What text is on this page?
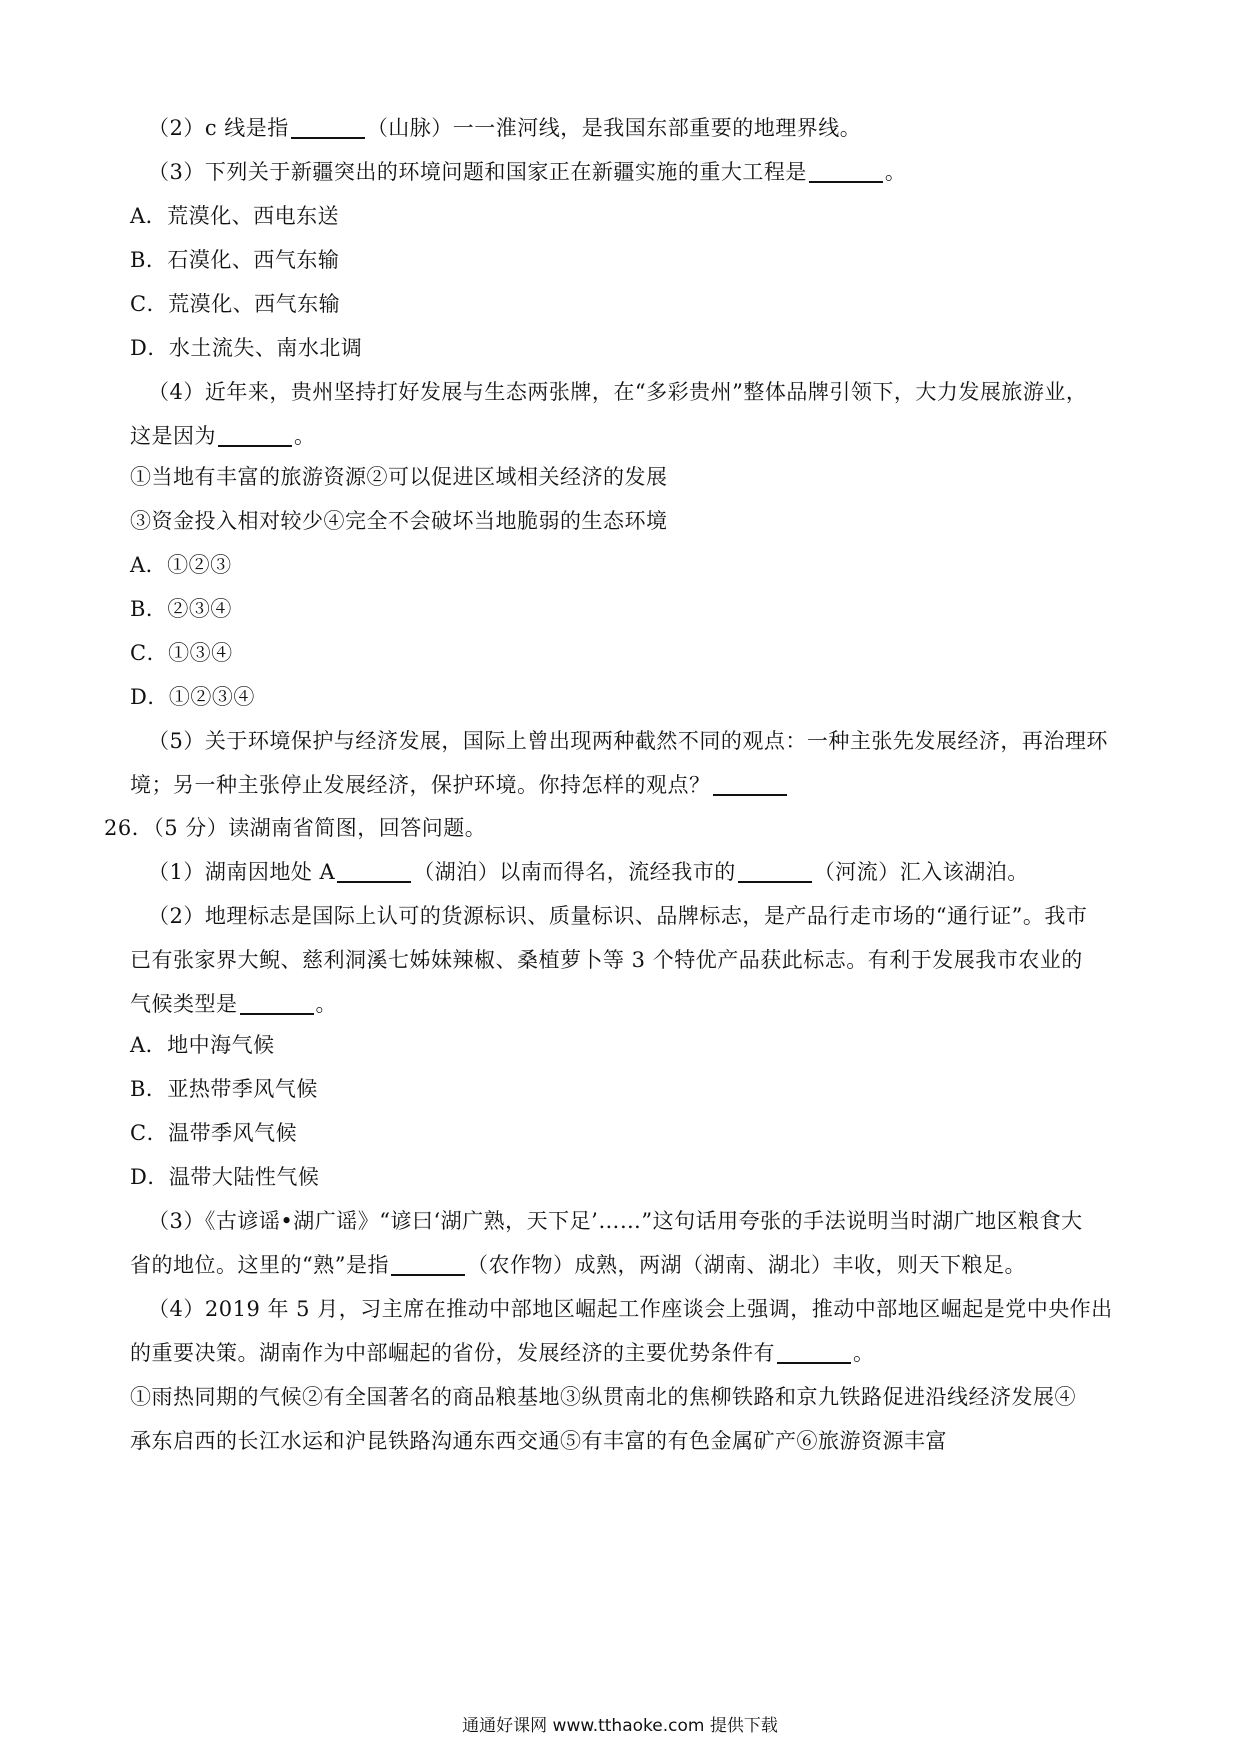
（2）c 线是指	（山脉）一一淮河线，是我国东部重要的地理界线。
（3）下列关于新疆突出的环境问题和国家正在新疆实施的重大工程是	。
A．荒漠化、西电东送
B．石漠化、西气东输
C．荒漠化、西气东输
D．水土流失、南水北调
（4）近年来，贵州坚持打好发展与生态两张牌，在“多彩贵州”整体品牌引领下，大力发展旅游业，
这是因为	。
①当地有丰富的旅游资源②可以促进区域相关经济的发展
③资金投入相对较少④完全不会破坏当地脆弱的生态环境
A．①②③
B．②③④
C．①③④
D．①②③④
（5）关于环境保护与经济发展，国际上曾出现两种截然不同的观点：一种主张先发展经济，再治理环
境；另一种主张停止发展经济，保护环境。你持怎样的观点？
26．（5 分）读湖南省简图，回答问题。
（1）湖南因地处 A	（湖泊）以南而得名，流经我市的	（河流）汇入该湖泊。
（2）地理标志是国际上认可的货源标识、质量标识、品牌标志，是产品行走市场的“通行证”。我市
已有张家界大鲵、慈利洞溪七姊妹辣椒、桑植萝卜等 3 个特优产品获此标志。有利于发展我市农业的
气候类型是	。
A．地中海气候
B．亚热带季风气候
C．温带季风气候
D．温带大陆性气候
（3）《古谚谣•湖广谣》“谚曰‘湖广熟，天下足’……”这句话用夸张的手法说明当时湖广地区粮食大
省的地位。这里的“熟”是指	（农作物）成熟，两湖（湖南、湖北）丰收，则天下粮足。
（4）2019 年 5 月，习主席在推动中部地区崛起工作座谈会上强调，推动中部地区崛起是党中央作出
的重要决策。湖南作为中部崛起的省份，发展经济的主要优势条件有	。
①雨热同期的气候②有全国著名的商品粮基地③纵贯南北的焦柳铁路和京九铁路促进沿线经济发展④
承东启西的长江水运和沪昆铁路沟通东西交通⑤有丰富的有色金属矿产⑥旅游资源丰富
通通好课网 www.tthaoke.com 提供下载
